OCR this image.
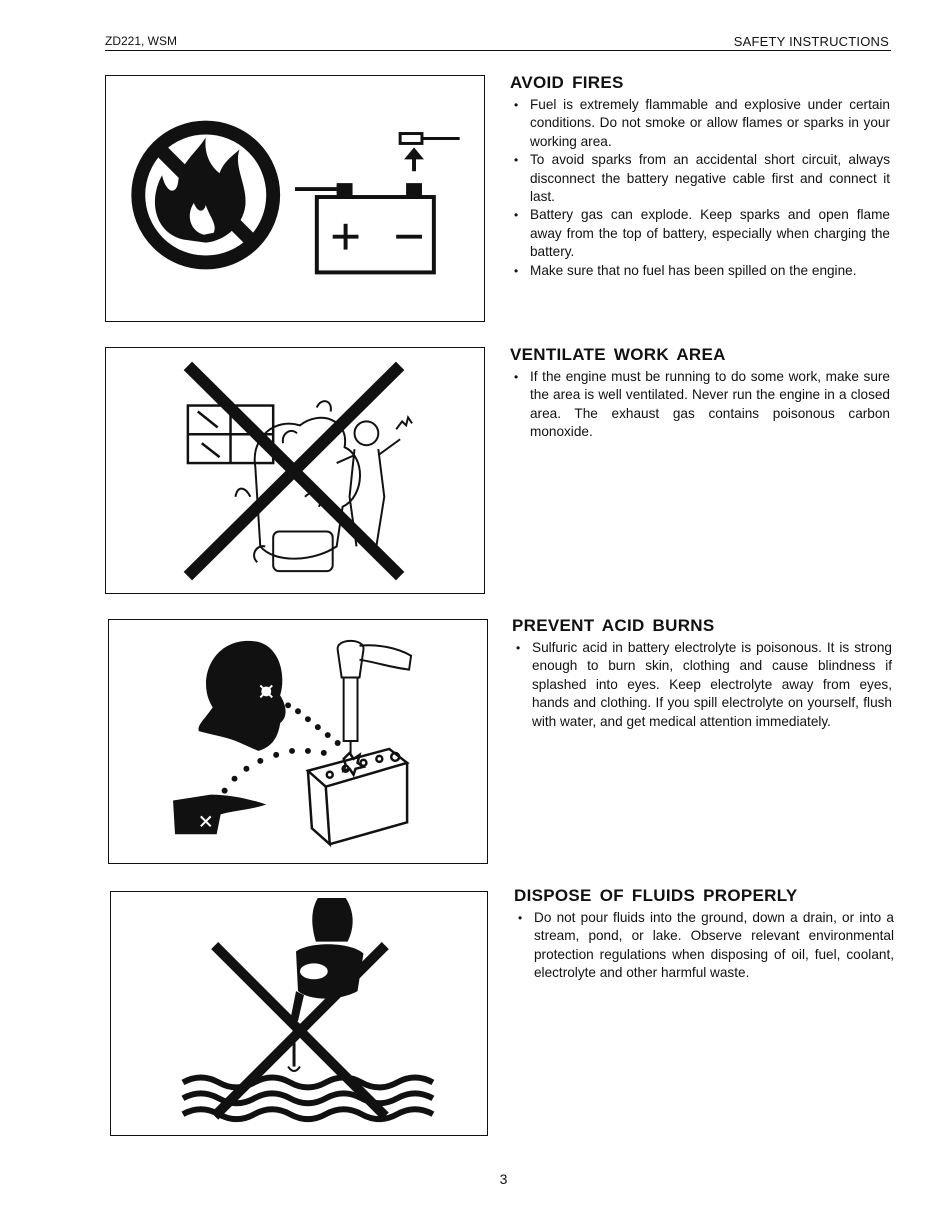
ZD221, WSM	SAFETY INSTRUCTIONS
AVOID FIRES
• Fuel is extremely flammable and explosive under certain conditions. Do not smoke or allow flames or sparks in your working area.
• To avoid sparks from an accidental short circuit, always disconnect the battery negative cable first and connect it last.
• Battery gas can explode. Keep sparks and open flame away from the top of battery, especially when charging the battery.
• Make sure that no fuel has been spilled on the engine.
VENTILATE WORK AREA
• If the engine must be running to do some work, make sure the area is well ventilated. Never run the engine in a closed area. The exhaust gas contains poisonous carbon monoxide.
PREVENT ACID BURNS
• Sulfuric acid in battery electrolyte is poisonous. It is strong enough to burn skin, clothing and cause blindness if splashed into eyes. Keep electrolyte away from eyes, hands and clothing. If you spill electrolyte on yourself, flush with water, and get medical attention immediately.
DISPOSE OF FLUIDS PROPERLY
• Do not pour fluids into the ground, down a drain, or into a stream, pond, or lake. Observe relevant environmental protection regulations when disposing of oil, fuel, coolant, electrolyte and other harmful waste.
3
